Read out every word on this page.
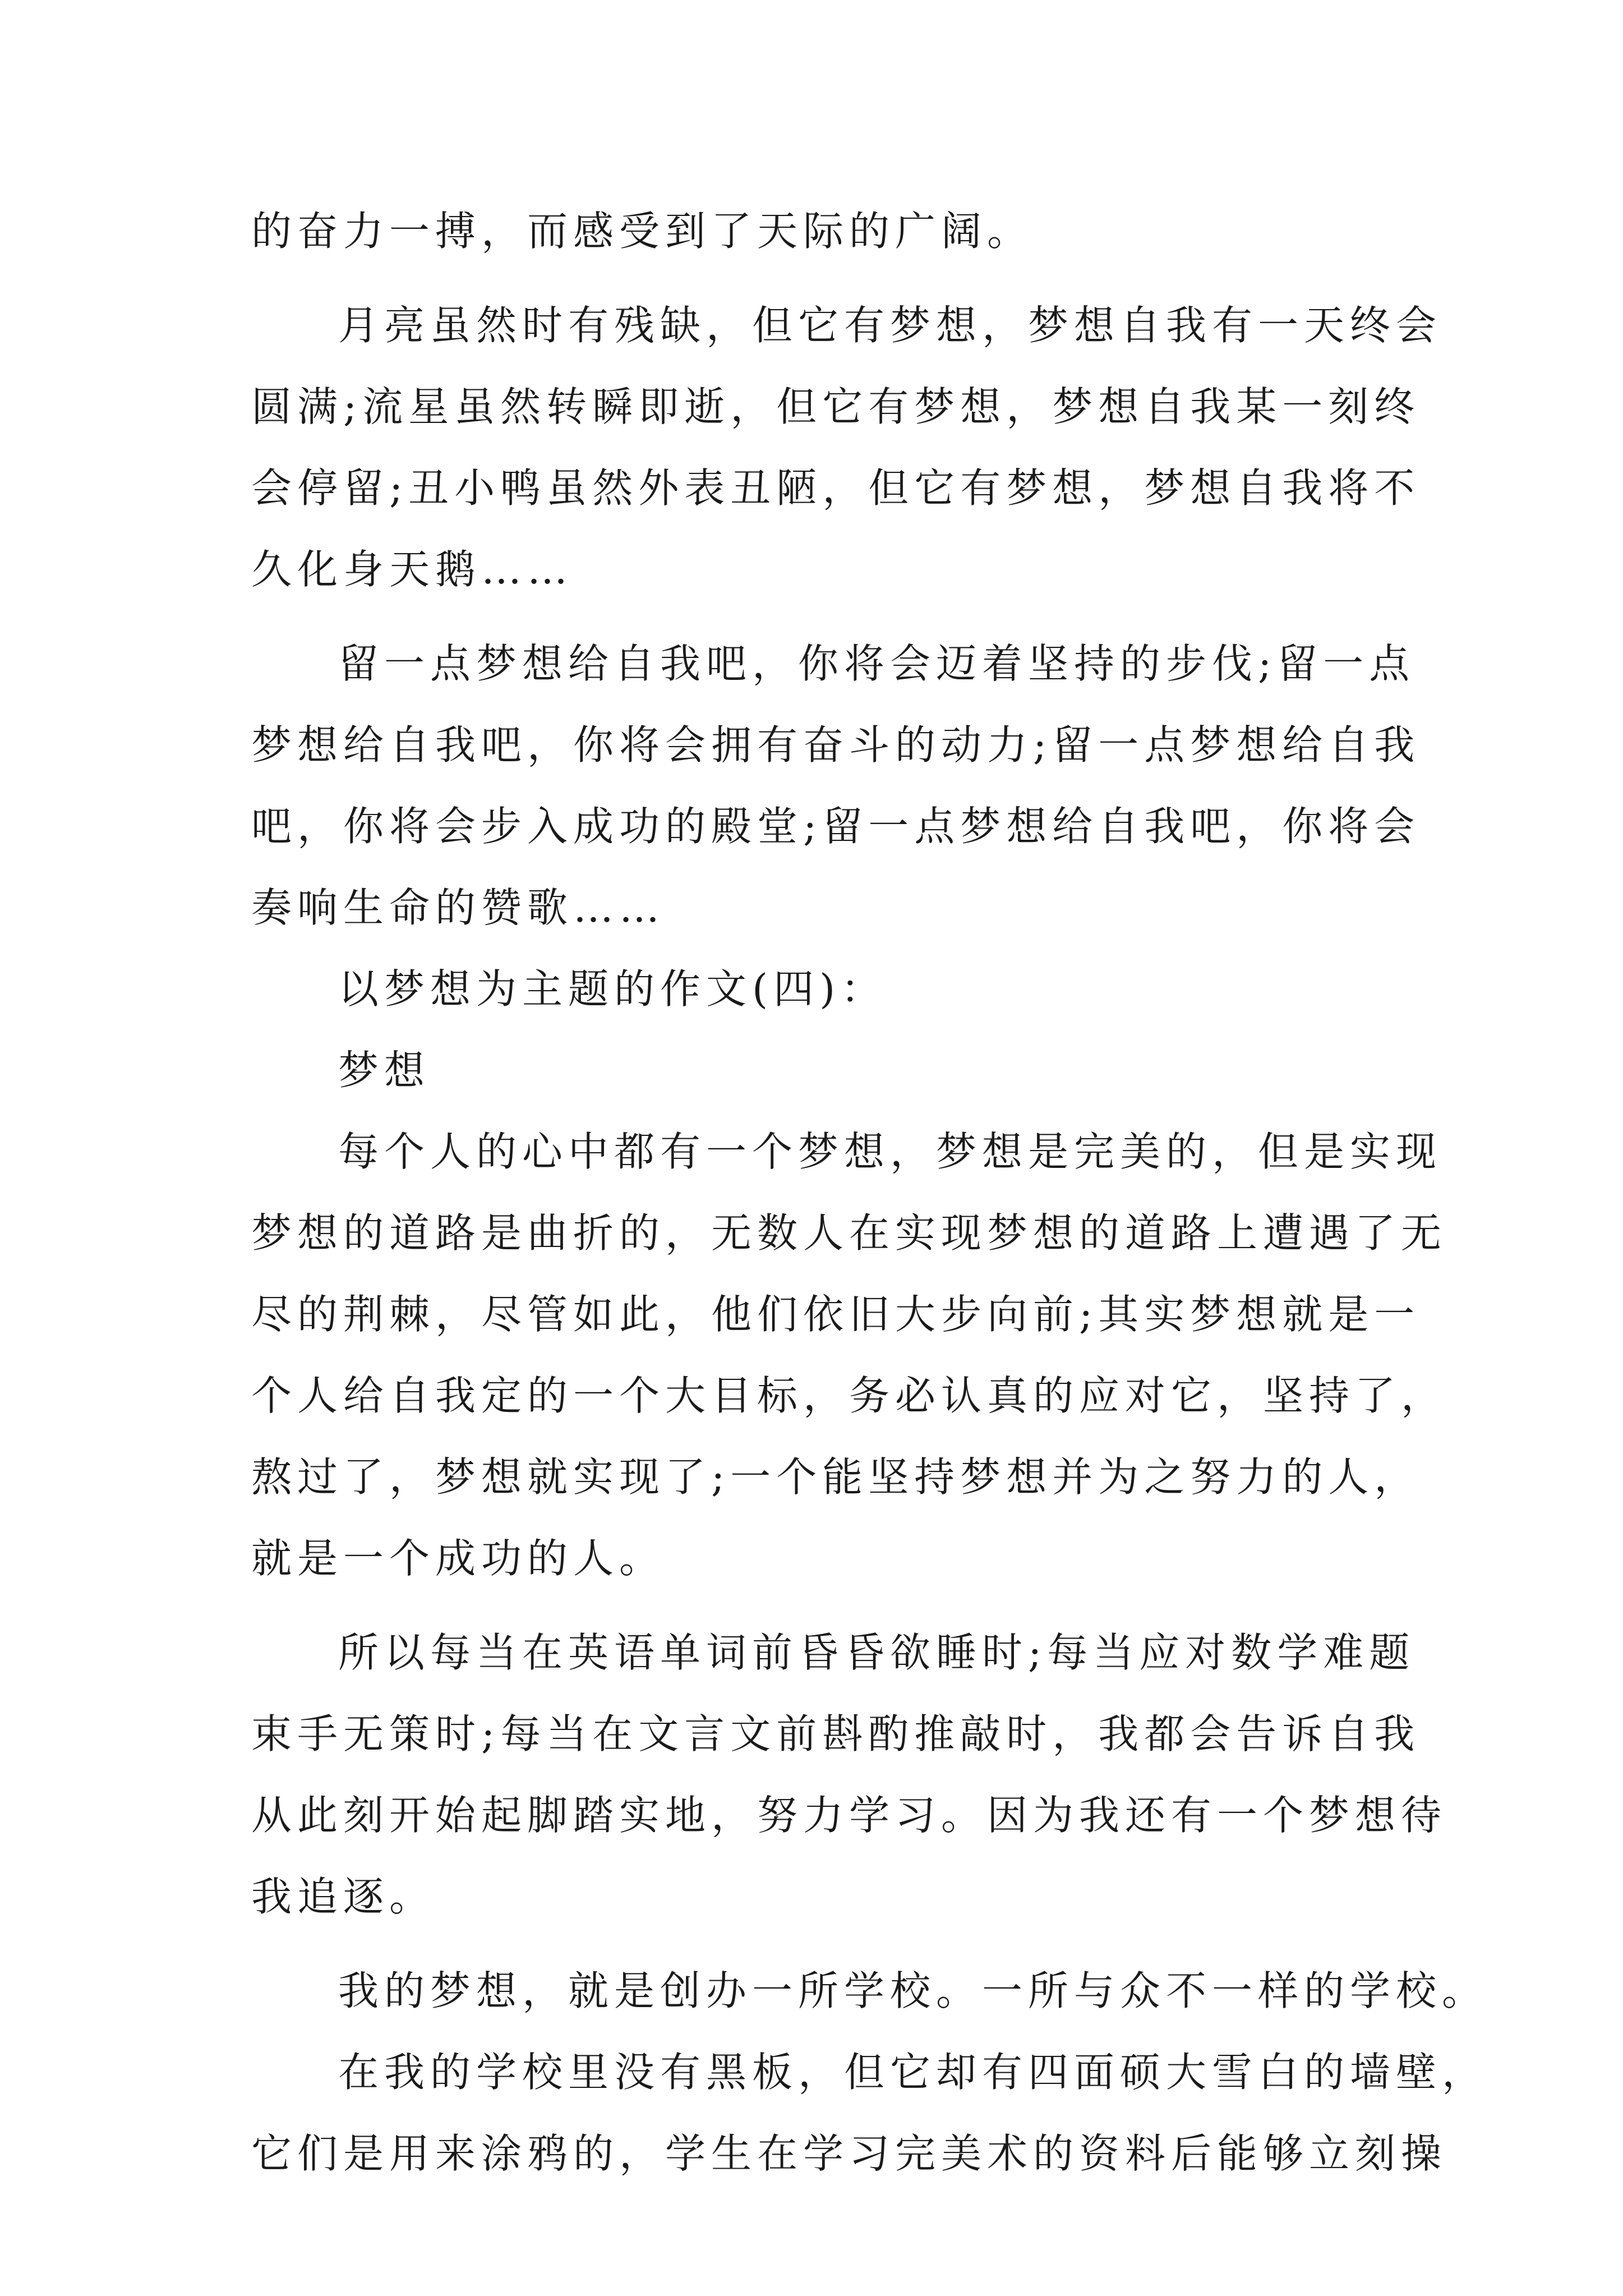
的奋力一搏，而感受到了天际的广阔。
月亮虽然时有残缺，但它有梦想，梦想自我有一天终会
圆满;流星虽然转瞬即逝，但它有梦想，梦想自我某一刻终
会停留;丑小鸭虽然外表丑陋，但它有梦想，梦想自我将不
久化身天鹅……
留一点梦想给自我吧，你将会迈着坚持的步伐;留一点
梦想给自我吧，你将会拥有奋斗的动力;留一点梦想给自我
吧，你将会步入成功的殿堂;留一点梦想给自我吧，你将会
奏响生命的赞歌……
以梦想为主题的作文(四)：
梦想
每个人的心中都有一个梦想，梦想是完美的，但是实现
梦想的道路是曲折的，无数人在实现梦想的道路上遭遇了无
尽的荆棘，尽管如此，他们依旧大步向前;其实梦想就是一
个人给自我定的一个大目标，务必认真的应对它，坚持了，
熬过了，梦想就实现了;一个能坚持梦想并为之努力的人，
就是一个成功的人。
所以每当在英语单词前昏昏欲睡时;每当应对数学难题
束手无策时;每当在文言文前斟酌推敲时，我都会告诉自我
从此刻开始起脚踏实地，努力学习。因为我还有一个梦想待
我追逐。
我的梦想，就是创办一所学校。一所与众不一样的学校。
在我的学校里没有黑板，但它却有四面硕大雪白的墙壁，
它们是用来涂鸦的，学生在学习完美术的资料后能够立刻操
